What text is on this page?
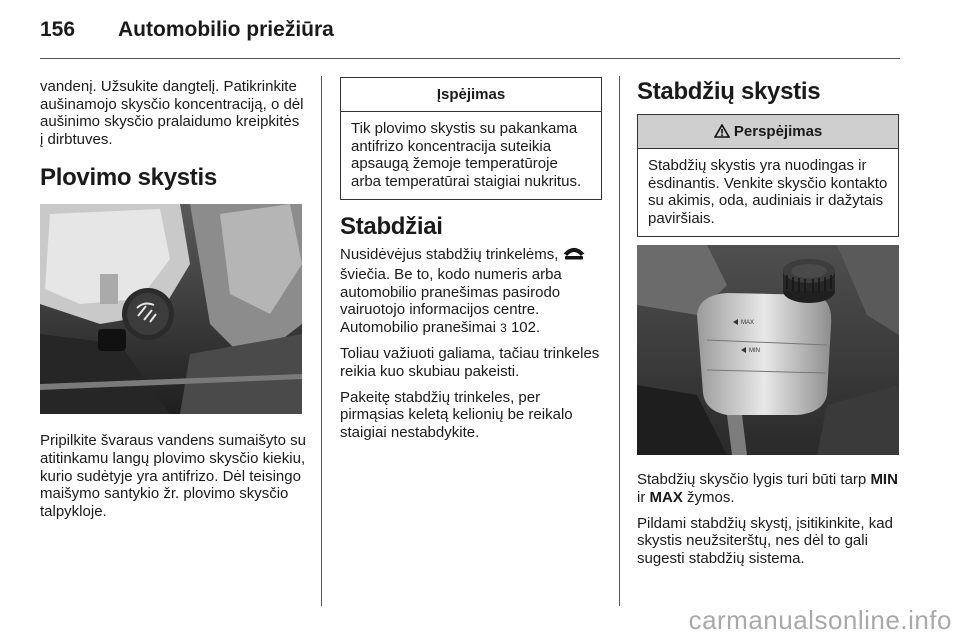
156 Automobilio priežiūra

vandenį. Užsukite dangtelį. Patikrinkite aušinamojo skysčio koncentraciją, o dėl aušinimo skysčio pralaidumo kreipkitės į dirbtuves.

Plovimo skystis

Pripilkite švaraus vandens sumaišyto su atitinkamu langų plovimo skysčio kiekiu, kurio sudėtyje yra antifrizo. Dėl teisingo maišymo santykio žr. plovimo skysčio talpykloje.

Įspėjimas
Tik plovimo skystis su pakankama antifrizo koncentracija suteikia apsaugą žemoje temperatūroje arba temperatūrai staigiai nukritus.
Stabdžiai

Nusidėvėjus stabdžių trinkelėms,  šviečia. Be to, kodo numeris arba automobilio pranešimas pasirodo vairuotojo informacijos centre. Automobilio pranešimai 3 102.

Toliau važiuoti galiama, tačiau trinkeles reikia kuo skubiau pakeisti.

Pakeitę stabdžių trinkeles, per pirmąsias keletą kelionių be reikalo staigiai nestabdykite.

Stabdžių skystis
Perspėjimas
Stabdžių skystis yra nuodingas ir ėsdinantis. Venkite skysčio kontakto su akimis, oda, audiniais ir dažytais paviršiais.
MAX
MIN

Stabdžių skysčio lygis turi būti tarp MIN ir MAX žymos.

Pildami stabdžių skystį, įsitikinkite, kad skystis neužsiterštų, nes dėl to gali sugesti stabdžių sistema.

carmanualsonline.info
